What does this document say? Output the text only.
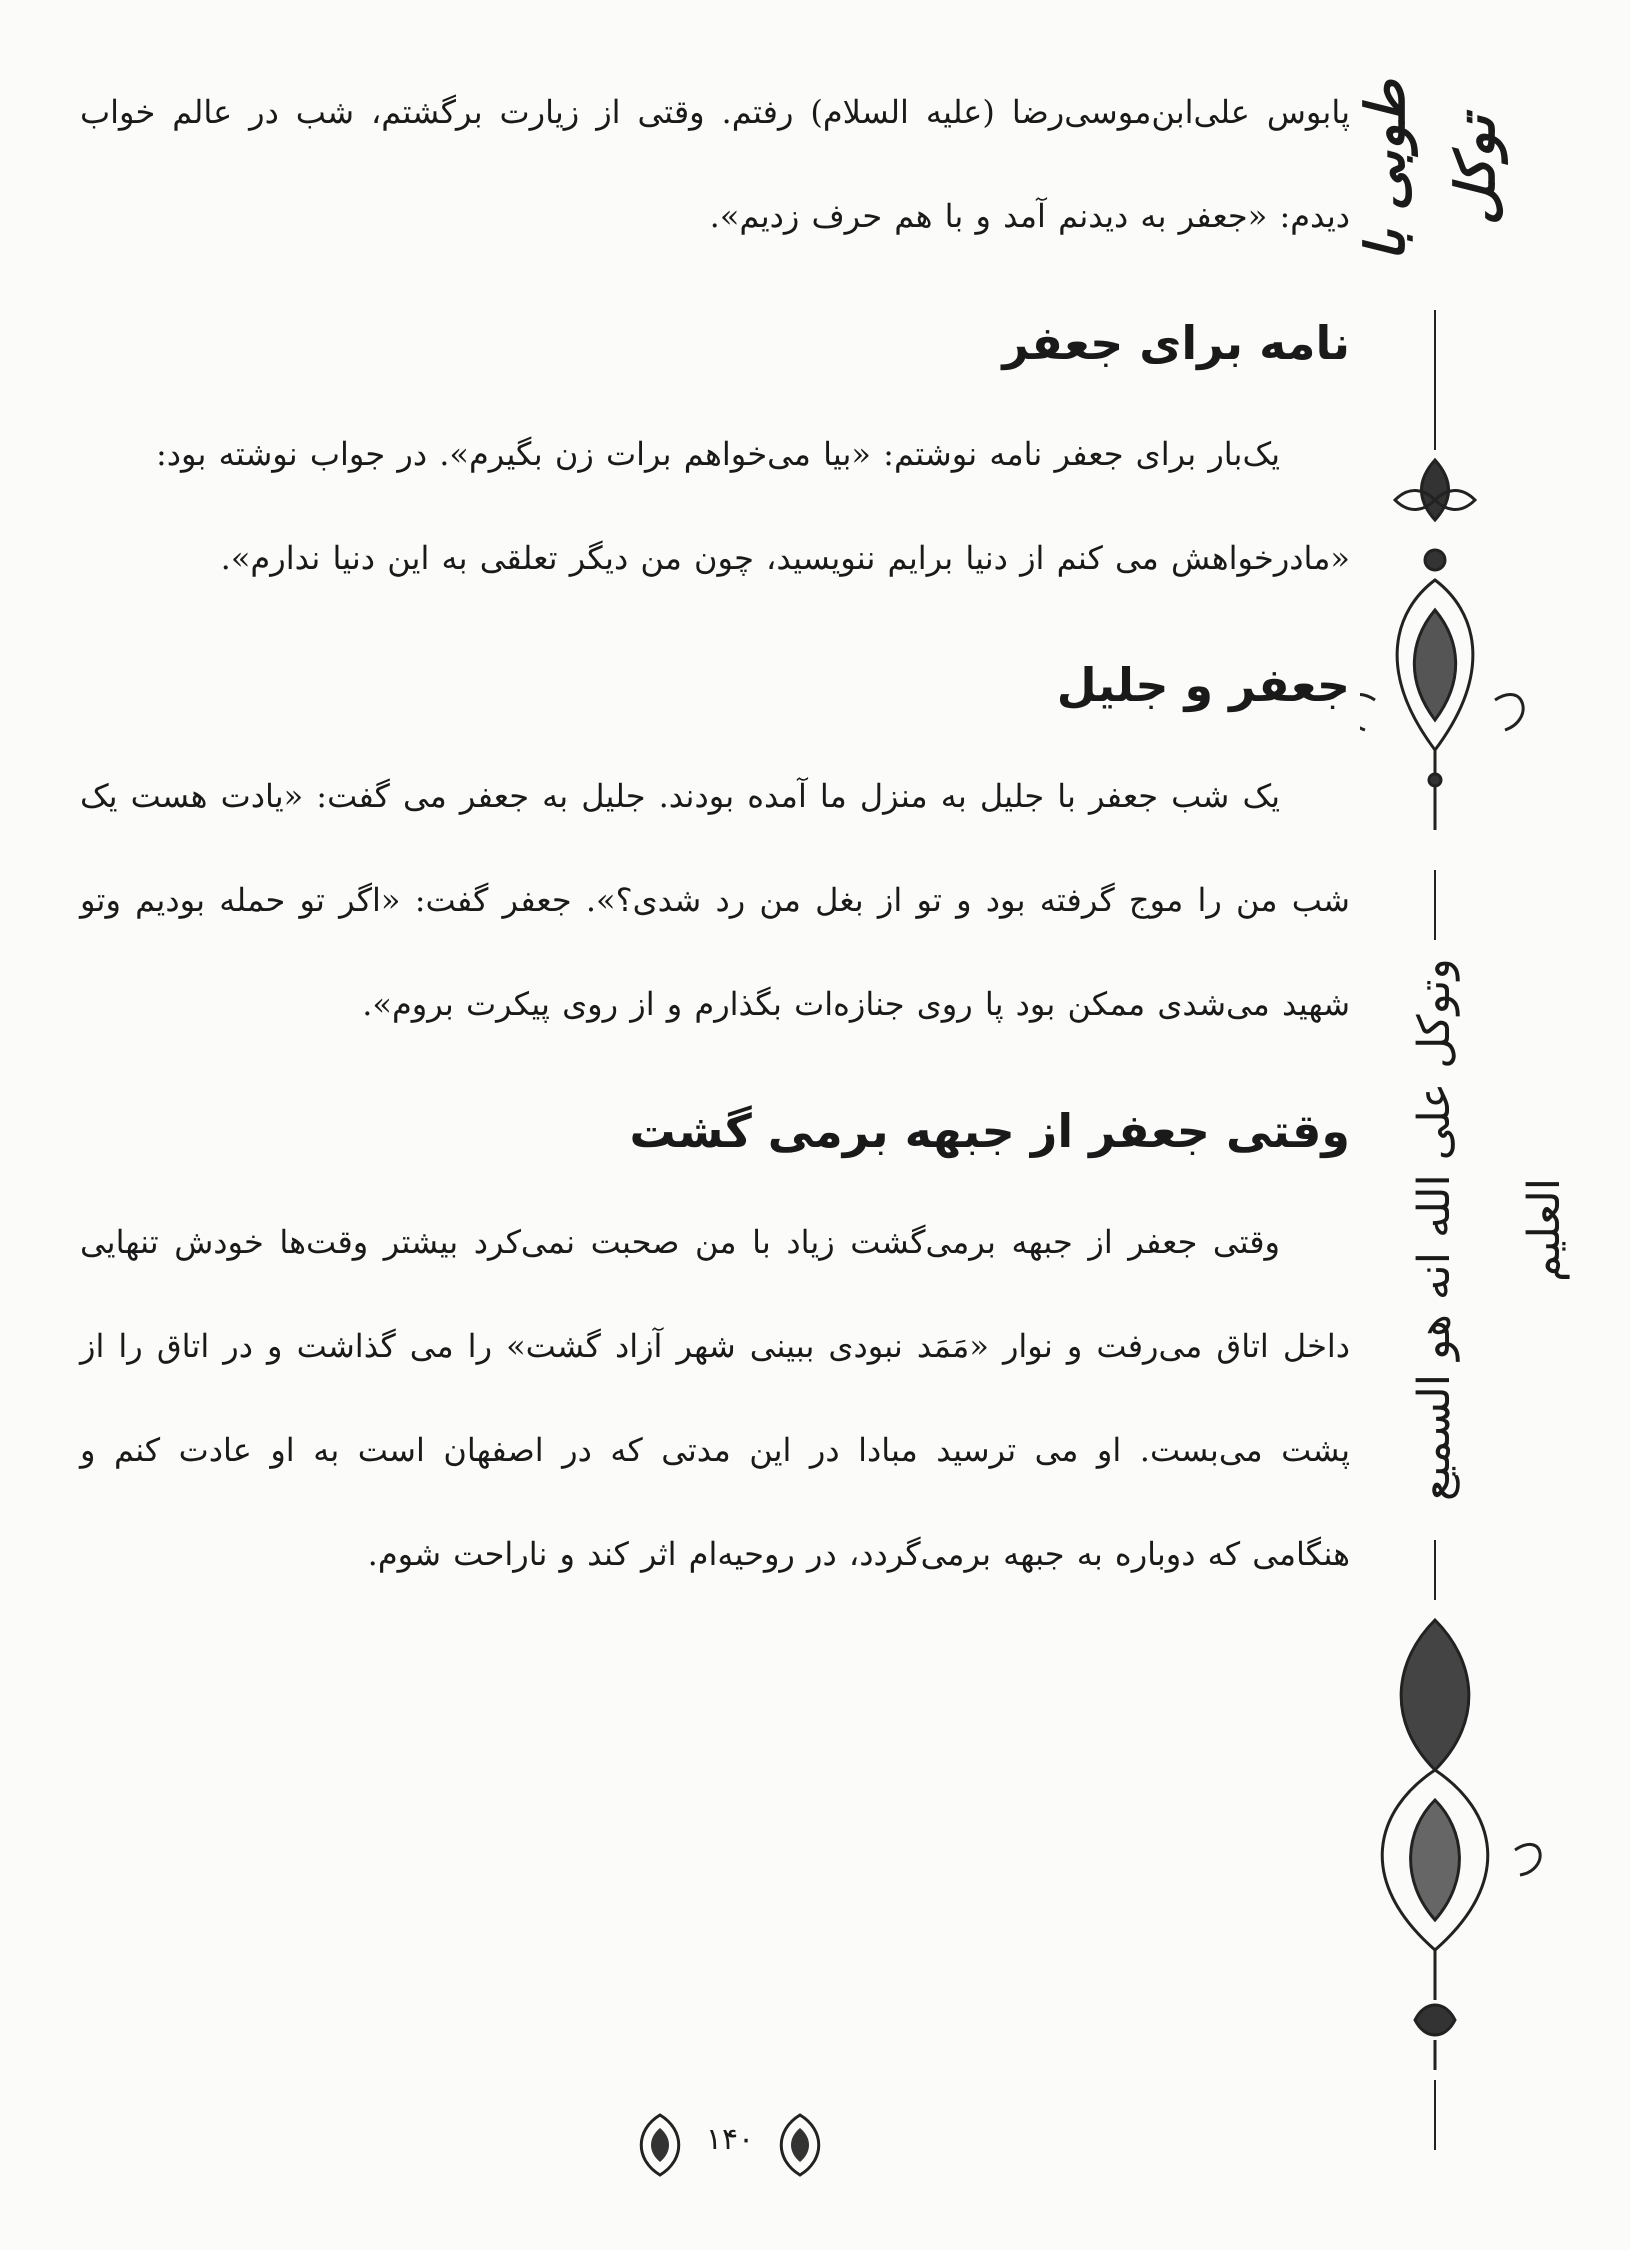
پابوس علی‌ابن‌موسی‌رضا (علیه السلام) رفتم. وقتی از زیارت برگشتم، شب در عالم خواب دیدم: «جعفر به دیدنم آمد و با هم حرف زدیم».

نامه برای جعفر

یک‌بار برای جعفر نامه نوشتم: «بیا می‌خواهم برات زن بگیرم». در جواب نوشته بود:

«مادرخواهش می کنم از دنیا برایم ننویسید، چون من دیگر تعلقی به این دنیا ندارم».

جعفر و جلیل

یک شب جعفر با جلیل به منزل ما آمده بودند. جلیل به جعفر می گفت: «یادت هست یک شب من را موج گرفته بود و تو از بغل من رد شدی؟». جعفر گفت: «اگر تو حمله بودیم وتو شهید می‌شدی ممکن بود پا روی جنازه‌ات بگذارم و از روی پیکرت بروم».

وقتی جعفر از جبهه برمی گشت

وقتی جعفر از جبهه برمی‌گشت زیاد با من صحبت نمی‌کرد بیشتر وقت‌ها خودش تنهایی داخل اتاق می‌رفت و نوار «مَمَد نبودی ببینی شهر آزاد گشت» را می گذاشت و در اتاق را از پشت می‌بست. او می ترسید مبادا در این مدتی که در اصفهان است به او عادت کنم و هنگامی که دوباره به جبهه برمی‌گردد، در روحیه‌ام اثر کند و ناراحت شوم.

طوبی با توکل
وتوکل علی الله انه هو السمیع العلیم
۱۴۰
